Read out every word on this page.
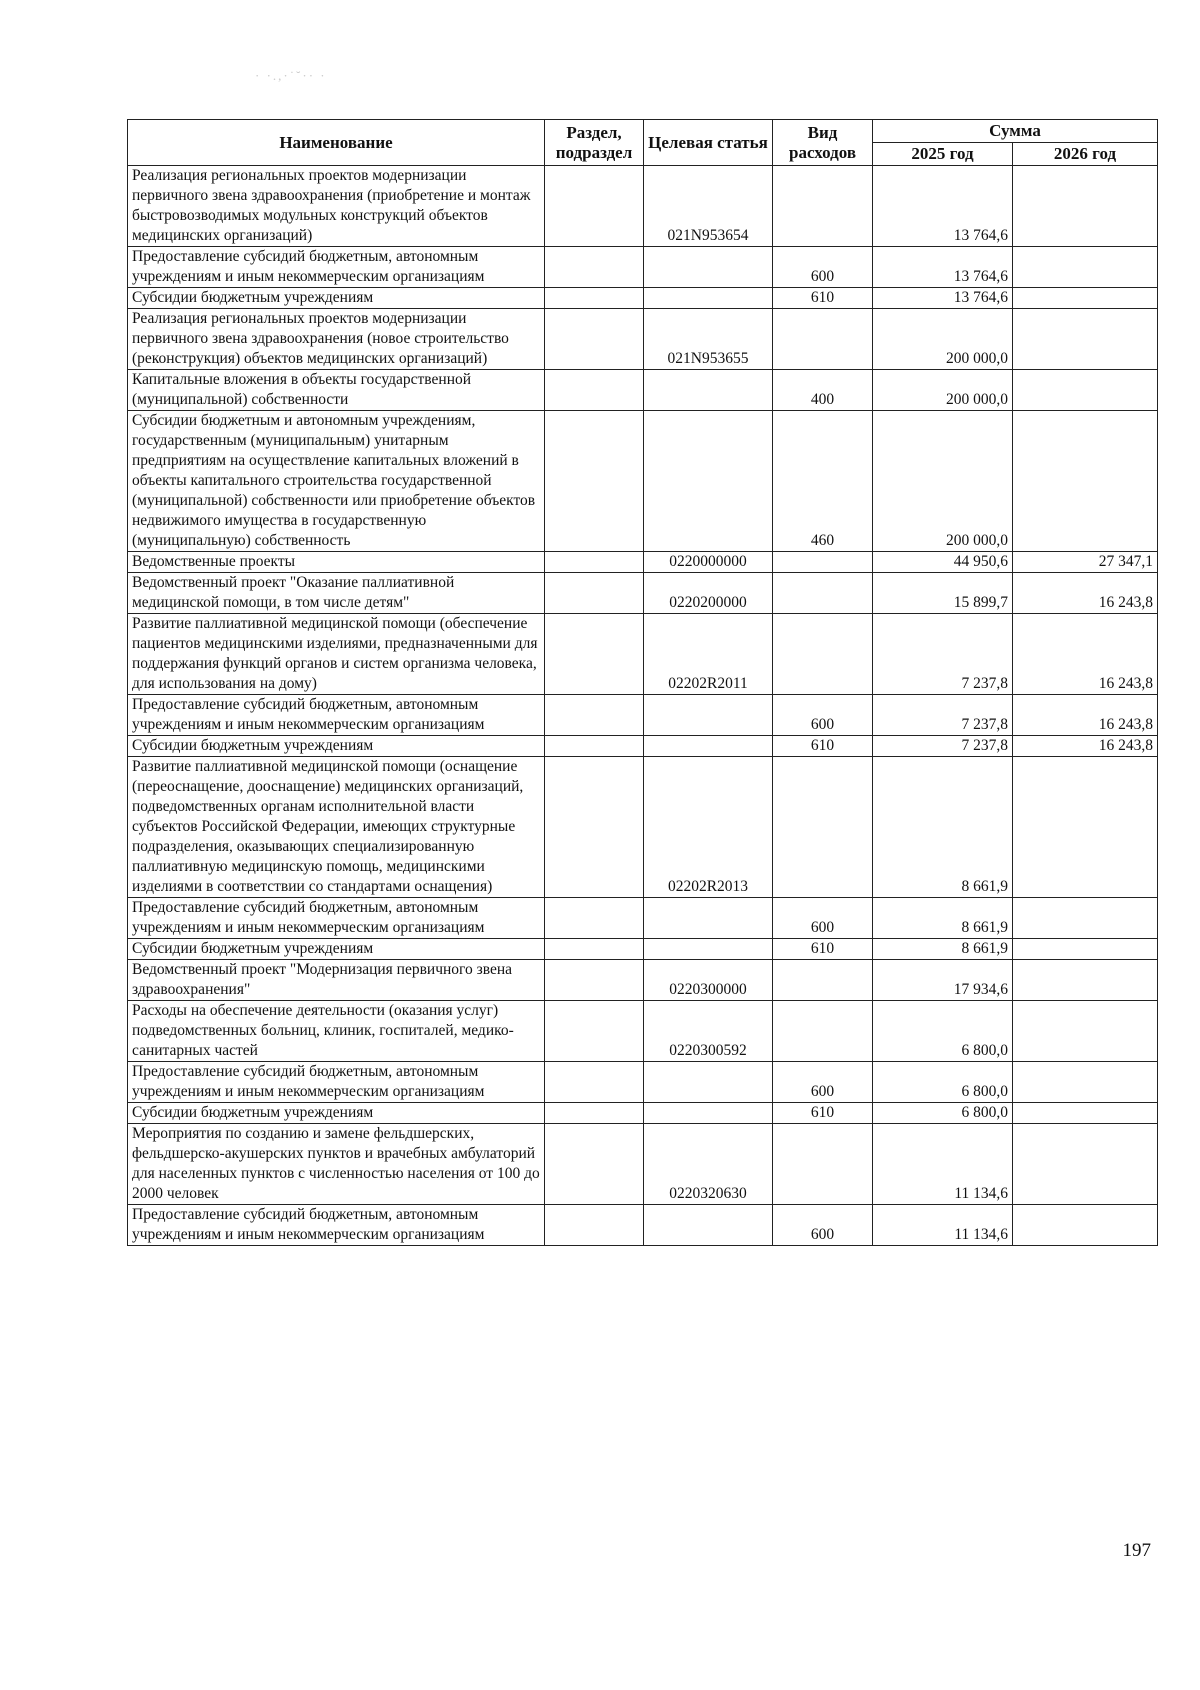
· ·.,·˙˘·· ·
Наименование	Раздел, подраздел	Целевая статья	Вид расходов	Сумма	
				2025 год	2026 год
Реализация региональных проектов модернизации первичного звена здравоохранения (приобретение и монтаж быстровозводимых модульных конструкций объектов медицинских организаций)		021N953654		13 764,6	
Предоставление субсидий бюджетным, автономным учреждениям и иным некоммерческим организациям			600	13 764,6	
Субсидии бюджетным учреждениям			610	13 764,6	
Реализация региональных проектов модернизации первичного звена здравоохранения (новое строительство (реконструкция) объектов медицинских организаций)		021N953655		200 000,0	
Капитальные вложения в объекты государственной (муниципальной) собственности			400	200 000,0	
Субсидии бюджетным и автономным учреждениям, государственным (муниципальным) унитарным предприятиям на осуществление капитальных вложений в объекты капитального строительства государственной (муниципальной) собственности или приобретение объектов недвижимого имущества в государственную (муниципальную) собственность			460	200 000,0	
Ведомственные проекты		0220000000		44 950,6	27 347,1
Ведомственный проект "Оказание паллиативной медицинской помощи, в том числе детям"		0220200000		15 899,7	16 243,8
Развитие паллиативной медицинской помощи (обеспечение пациентов медицинскими изделиями, предназначенными для поддержания функций органов и систем организма человека, для использования на дому)		02202R2011		7 237,8	16 243,8
Предоставление субсидий бюджетным, автономным учреждениям и иным некоммерческим организациям			600	7 237,8	16 243,8
Субсидии бюджетным учреждениям			610	7 237,8	16 243,8
Развитие паллиативной медицинской помощи (оснащение (переоснащение, дооснащение) медицинских организаций, подведомственных органам исполнительной власти субъектов Российской Федерации, имеющих структурные подразделения, оказывающих специализированную паллиативную медицинскую помощь, медицинскими изделиями в соответствии со стандартами оснащения)		02202R2013		8 661,9	
Предоставление субсидий бюджетным, автономным учреждениям и иным некоммерческим организациям			600	8 661,9	
Субсидии бюджетным учреждениям			610	8 661,9	
Ведомственный проект "Модернизация первичного звена здравоохранения"		0220300000		17 934,6	
Расходы на обеспечение деятельности (оказания услуг) подведомственных больниц, клиник, госпиталей, медико-санитарных частей		0220300592		6 800,0	
Предоставление субсидий бюджетным, автономным учреждениям и иным некоммерческим организациям			600	6 800,0	
Субсидии бюджетным учреждениям			610	6 800,0	
Мероприятия по созданию и замене фельдшерских, фельдшерско-акушерских пунктов и врачебных амбулаторий для населенных пунктов с численностью населения от 100 до 2000 человек		0220320630		11 134,6	
Предоставление субсидий бюджетным, автономным учреждениям и иным некоммерческим организациям			600	11 134,6	
197
